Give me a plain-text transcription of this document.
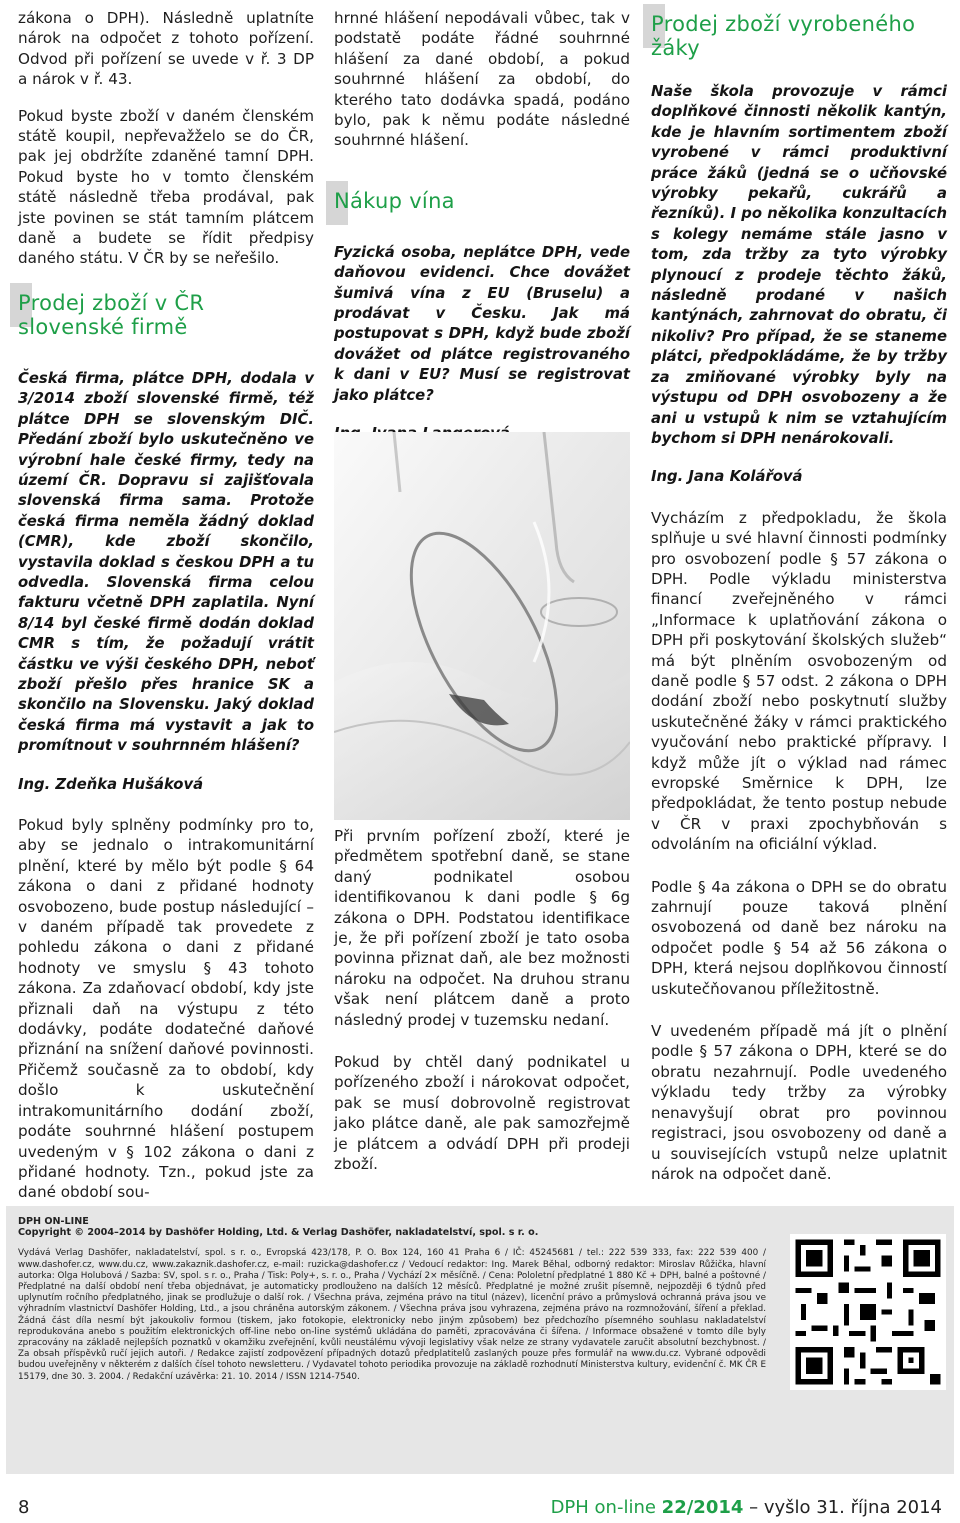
zákona o DPH). Následně uplatníte nárok na odpočet z tohoto pořízení. Odvod při pořízení se uvede v ř. 3 DP a nárok v ř. 43.

Pokud byste zboží v daném členském státě koupil, nepřevažželo se do ČR, pak jej obdržíte zdaněné tamní DPH. Pokud byste ho v tomto členském státě následně třeba prodával, pak jste povinen se stát tamním plátcem daně a budete se řídit předpisy daného státu. V ČR by se neřešilo.

Prodej zboží v ČR slovenské firmě

Česká firma, plátce DPH, dodala v 3/2014 zboží slovenské firmě, též plátce DPH se slovenským DIČ. Předání zboží bylo uskutečněno ve výrobní hale české firmy, tedy na území ČR. Dopravu si zajišťovala slovenská firma sama. Protože česká firma neměla žádný doklad (CMR), kde zboží skončilo, vystavila doklad s českou DPH a tu odvedla. Slovenská firma celou fakturu včetně DPH zaplatila. Nyní 8/14 byl české firmě dodán doklad CMR s tím, že požadují vrátit částku ve výši českého DPH, neboť zboží přešlo přes hranice SK a skončilo na Slovensku. Jaký doklad česká firma má vystavit a jak to promítnout v souhrnném hlášení?

Ing. Zdeňka Hušáková

Pokud byly splněny podmínky pro to, aby se jednalo o intrakomunitární plnění, které by mělo být podle § 64 zákona o dani z přidané hodnoty osvobozeno, bude postup následující – v daném případě tak provedete z pohledu zákona o dani z přidané hodnoty ve smyslu § 43 tohoto zákona. Za zdaňovací období, kdy jste přiznali daň na výstupu z této dodávky, podáte dodatečné daňové přiznání na snížení daňové povinnosti. Přičemž současně za to období, kdy došlo k uskutečnění intrakomunitárního dodání zboží, podáte souhrnné hlášení postupem uvedeným v § 102 zákona o dani z přidané hodnoty. Tzn., pokud jste za dané období sou-

hrnné hlášení nepodávali vůbec, tak v podstatě podáte řádné souhrnné hlášení za dané období, a pokud souhrnné hlášení za období, do kterého tato dodávka spadá, podáno bylo, pak k němu podáte následné souhrnné hlášení.

Nákup vína

Fyzická osoba, neplátce DPH, vede daňovou evidenci. Chce dovážet šumivá vína z EU (Bruselu) a prodávat v Česku. Jak má postupovat s DPH, když bude zboží dovážet od plátce registrovaného k dani v EU? Musí se registrovat jako plátce?

Při prvním pořízení zboží, které je předmětem spotřební daně, se stane daný podnikatel osobou identifikovanou k dani podle § 6g zákona o DPH. Podstatou identifikace je, že při pořízení zboží je tato osoba povinna přiznat daň, ale bez možnosti nároku na odpočet. Na druhou stranu však není plátcem daně a proto následný prodej v tuzemsku nedaní.

Pokud by chtěl daný podnikatel u pořízeného zboží i nárokovat odpočet, pak se musí dobrovolně registrovat jako plátce daně, ale pak samozřejmě je plátcem a odvádí DPH při prodeji zboží.

Prodej zboží vyrobeného žáky

Naše škola provozuje v rámci doplňkové činnosti několik kantýn, kde je hlavním sortimentem zboží vyrobené v rámci produktivní práce žáků (jedná se o učňovské výrobky pekařů, cukrářů a řezníků). I po několika konzultacích s kolegy nemáme stále jasno v tom, zda tržby za tyto výrobky plynoucí z prodeje těchto žáků, následně prodané v našich kantýnách, zahrnovat do obratu, či nikoliv? Pro případ, že se staneme plátci, předpokládáme, že by tržby za zmiňované výrobky byly na výstupu od DPH osvobozeny a že ani u vstupů k nim se vztahujícím bychom si DPH nenárokovali.

Ing. Jana Kolářová

Vycházím z předpokladu, že škola splňuje u své hlavní činnosti podmínky pro osvobození podle § 57 zákona o DPH. Podle výkladu ministerstva financí zveřejněného v rámci „Informace k uplatňování zákona o DPH při poskytování školských služeb“ má být plněním osvobozeným od daně podle § 57 odst. 2 zákona o DPH dodání zboží nebo poskytnutí služby uskutečněné žáky v rámci praktického vyučování nebo praktické přípravy. I když může jít o výklad nad rámec evropské Směrnice k DPH, lze předpokládat, že tento postup nebude v ČR v praxi zpochybňován s odvoláním na oficiální výklad.

Podle § 4a zákona o DPH se do obratu zahrnují pouze taková plnění osvobozená od daně bez nároku na odpočet podle § 54 až 56 zákona o DPH, která nejsou doplňkovou činností uskutečňovanou příležitostně.

V uvedeném případě má jít o plnění podle § 57 zákona o DPH, které se do obratu nezahrnují. Podle uvedeného výkladu tedy tržby za výrobky nenavyšují obrat pro povinnou registraci, jsou osvobozeny od daně a u souvisejících vstupů nelze uplatnit nárok na odpočet daně.

DPH ON-LINE
Copyright © 2004–2014 by Dashöfer Holding, Ltd. & Verlag Dashöfer, nakladatelství, spol. s r. o.
Vydává Verlag Dashöfer, nakladatelství, spol. s r. o., Evropská 423/178, P. O. Box 124, 160 41 Praha 6 / IČ: 45245681 / tel.: 222 539 333, fax: 222 539 400 / www.dashofer.cz, www.du.cz, www.zakaznik.dashofer.cz, e-mail: ruzicka@dashofer.cz / Vedoucí redaktor: Ing. Marek Běhal, odborný redaktor: Miroslav Růžička, hlavní autorka: Olga Holubová / Sazba: SV, spol. s r. o., Praha / Tisk: Poly+, s. r. o., Praha / Vychází 2× měsíčně. / Cena: Pololetní předplatné 1 880 Kč + DPH, balné a poštovné / Předplatné na další období není třeba objednávat, je automaticky prodlouženo na dalších 12 měsíců. Předplatné je možné zrušit písemně, nejpozději 6 týdnů před uplynutím ročního předplatného, jinak se prodlužuje o další rok. / Všechna práva, zejména právo na titul (název), licenční právo a průmyslová ochranná práva jsou ve výhradním vlastnictví Dashöfer Holding, Ltd., a jsou chráněna autorským zákonem. / Všechna práva jsou vyhrazena, zejména právo na rozmnožování, šíření a překlad. Žádná část díla nesmí být jakoukoliv formou (tiskem, jako fotokopie, elektronicky nebo jiným způsobem) bez předchozího písemného souhlasu nakladatelství reprodukována anebo s použitím elektronických off-line nebo on-line systémů ukládána do paměti, zpracovávána či šířena. / Informace obsažené v tomto díle byly zpracovány na základě nejlepších poznatků v okamžiku zveřejnění, kvůli neustálému vývoji legislativy však nelze ze strany vydavatele zaručit absolutní bezchybnost. / Za obsah příspěvků ručí jejich autoři. / Redakce zajistí zodpovězení případných dotazů předplatitelů zaslaných pouze přes formulář na www.du.cz. Vybrané odpovědi budou uveřejněny v některém z dalších čísel tohoto newsletteru. / Vydavatel tohoto periodika provozuje na základě rozhodnutí Ministerstva kultury, evidenční č. MK ČR E 15179, dne 30. 3. 2004. / Redakční uzávěrka: 21. 10. 2014 / ISSN 1214-7540.
8	DPH on-line 22/2014 – vyšlo 31. října 2014
